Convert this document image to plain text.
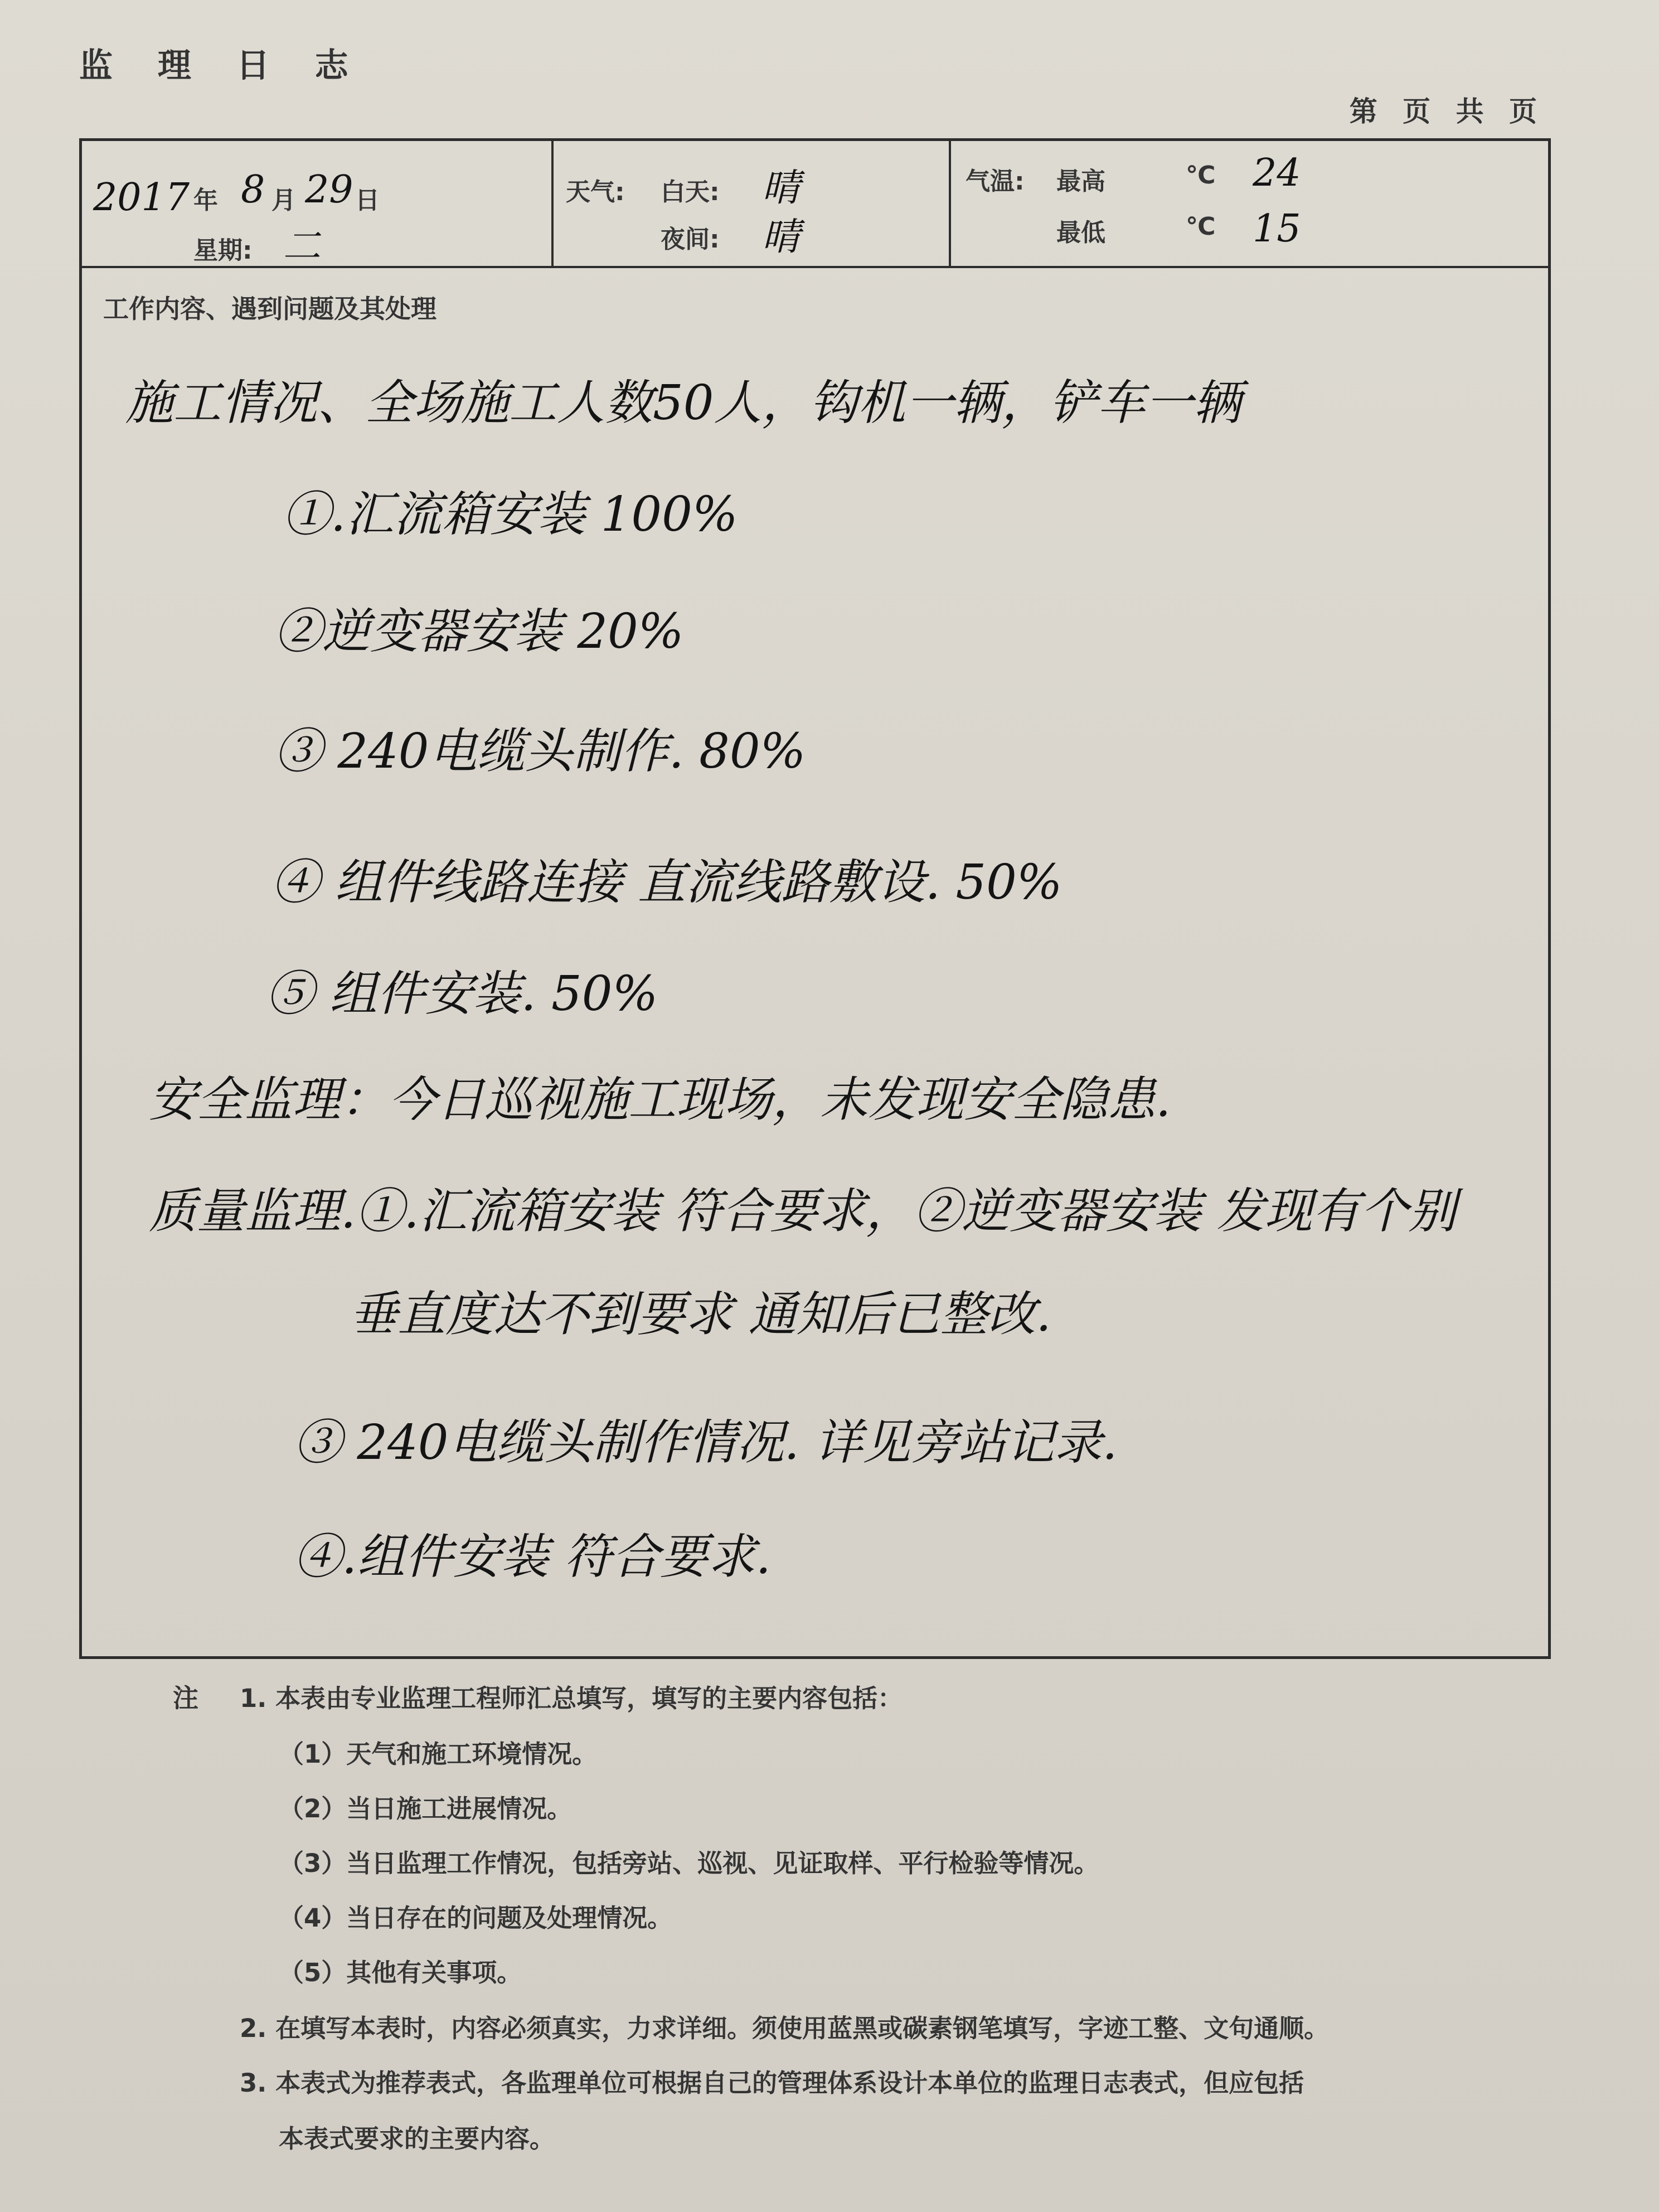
监 理 日 志
第 页 共 页
2017 年 8 月 29 日
星期: 二
天气: 白天: 晴
夜间: 晴
气温: 最高	℃ 24
最低	℃ 15
工作内容、遇到问题及其处理
施工情况、全场施工人数50人，钩机一辆，铲车一辆
①.汇流箱安装 100%
②逆变器安装 20%
③ 240电缆头制作. 80%
④ 组件线路连接 直流线路敷设. 50%
⑤ 组件安装. 50%
安全监理：今日巡视施工现场，未发现安全隐患.
质量监理.①.汇流箱安装 符合要求，②逆变器安装 发现有个别
垂直度达不到要求 通知后已整改.
③ 240电缆头制作情况. 详见旁站记录.
④.组件安装 符合要求.
注 1. 本表由专业监理工程师汇总填写，填写的主要内容包括：
（1）天气和施工环境情况。
（2）当日施工进展情况。
（3）当日监理工作情况，包括旁站、巡视、见证取样、平行检验等情况。
（4）当日存在的问题及处理情况。
（5）其他有关事项。
2. 在填写本表时，内容必须真实，力求详细。须使用蓝黑或碳素钢笔填写，字迹工整、文句通顺。
3. 本表式为推荐表式，各监理单位可根据自己的管理体系设计本单位的监理日志表式，但应包括
本表式要求的主要内容。
